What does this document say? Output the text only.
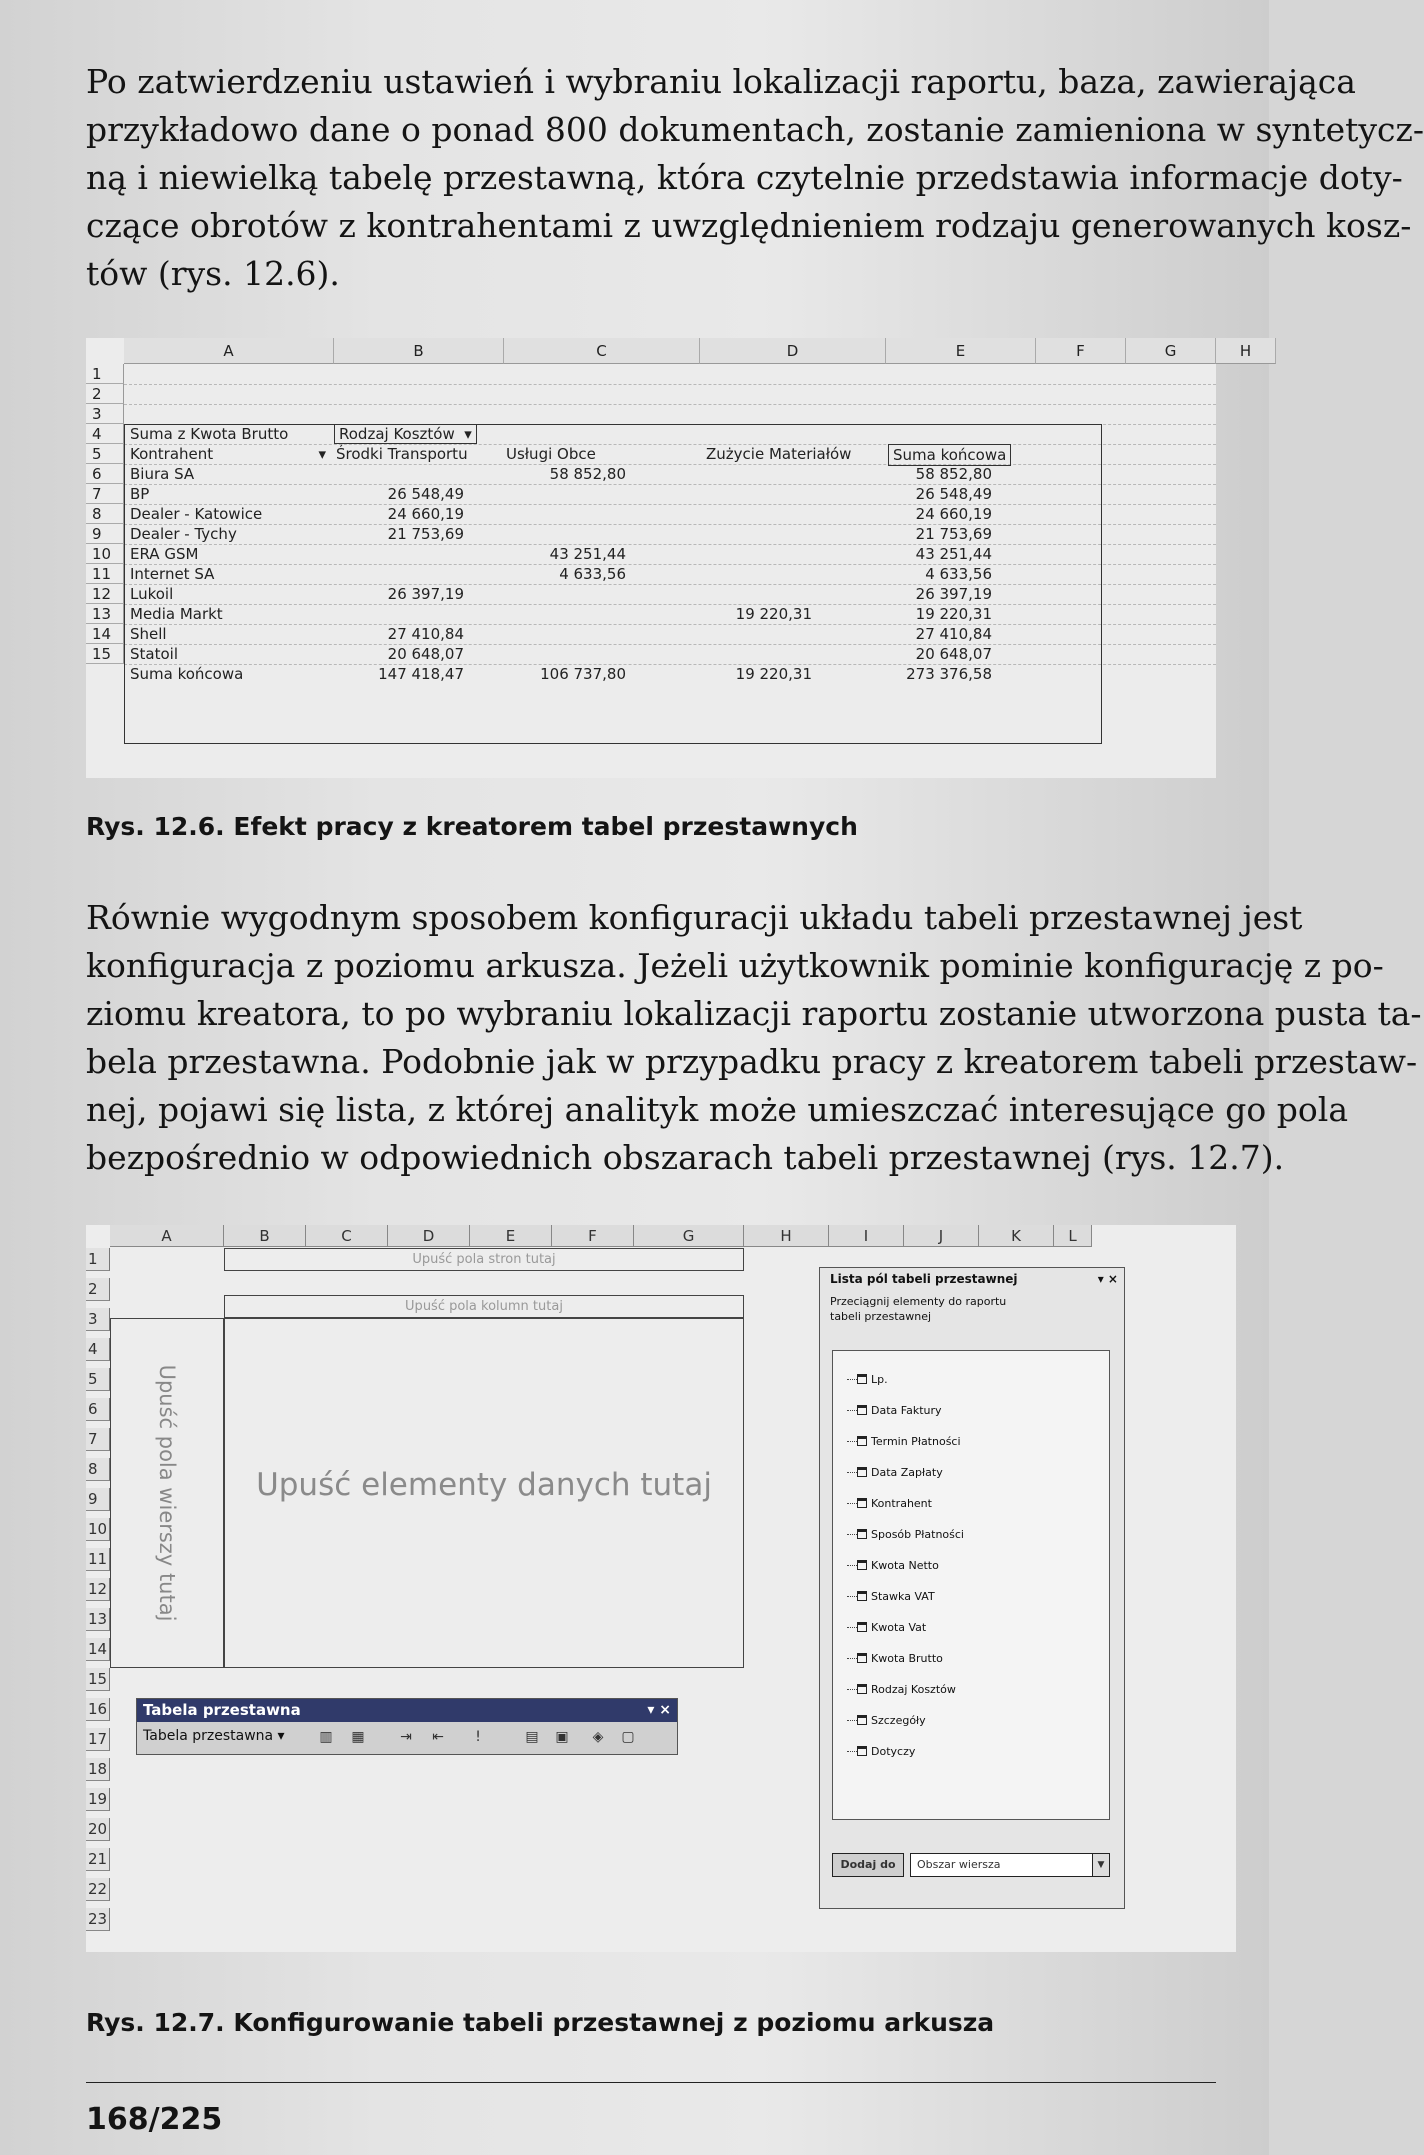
Po zatwierdzeniu ustawień i wybraniu lokalizacji raportu, baza, zawierająca
przykładowo dane o ponad 800 dokumentach, zostanie zamieniona w syntetycz-
ną i niewielką tabelę przestawną, która czytelnie przedstawia informacje doty-
czące obrotów z kontrahentami z uwzględnieniem rodzaju generowanych kosz-
tów (rys. 12.6).

A	B	C	D	E	F	G	H
1
2
3
4
5
6
7
8
9
10
11
12
13
14
15
Suma z Kwota Brutto	Rodzaj Kosztów  ▾
Kontrahent	▾ Środki Transportu	Usługi Obce	Zużycie Materiałów	Suma końcowa
Biura SA	58 852,80	58 852,80
BP	26 548,49	26 548,49
Dealer - Katowice	24 660,19	24 660,19
Dealer - Tychy	21 753,69	21 753,69
ERA GSM	43 251,44	43 251,44
Internet SA	4 633,56	4 633,56
Lukoil	26 397,19	26 397,19
Media Markt	19 220,31	19 220,31
Shell	27 410,84	27 410,84
Statoil	20 648,07	20 648,07
Suma końcowa	147 418,47	106 737,80	19 220,31	273 376,58
Rys. 12.6. Efekt pracy z kreatorem tabel przestawnych

Równie wygodnym sposobem konfiguracji układu tabeli przestawnej jest
konfiguracja z poziomu arkusza. Jeżeli użytkownik pominie konfigurację z po-
ziomu kreatora, to po wybraniu lokalizacji raportu zostanie utworzona pusta ta-
bela przestawna. Podobnie jak w przypadku pracy z kreatorem tabeli przestaw-
nej, pojawi się lista, z której analityk może umieszczać interesujące go pola
bezpośrednio w odpowiednich obszarach tabeli przestawnej (rys. 12.7).

A	B	C	D	E	F	G	H	I	J	K	L
1
2
3
4
5
6
7
8
9
10
11
12
13
14
15
16
17
18
19
20
21
22
23
Upuść pola stron tutaj
Upuść pola kolumn tutaj
Upuść pola wierszy tutaj	Upuść elementy danych tutaj
Tabela przestawna	▾ ×
Tabela przestawna ▾	▥	▦	⇥	⇤	!	▤	▣	◈	▢
Lista pól tabeli przestawnej	▾ ×
Przeciągnij elementy do raportu tabeli przestawnej
Lp.
Data Faktury
Termin Płatności
Data Zapłaty
Kontrahent
Sposób Płatności
Kwota Netto
Stawka VAT
Kwota Vat
Kwota Brutto
Rodzaj Kosztów
Szczegóły
Dotyczy
Dodaj do	Obszar wiersza	▼
Rys. 12.7. Konfigurowanie tabeli przestawnej z poziomu arkusza
168/225
